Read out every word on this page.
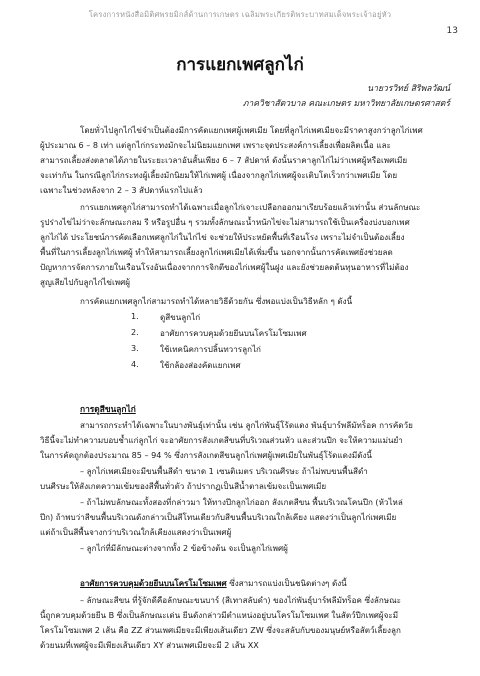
โครงการหนังสือมิติศพรยมิกส์ด้านการเกษตร เฉลิมพระเกียรติพระบาทสมเด็จพระเจ้าอยู่หัว
13
การแยกเพศลูกไก่
นายวรวิทย์ สิริพลวัฒน์
ภาควิชาสัตวบาล คณะเกษตร มหาวิทยาลัยเกษตรศาสตร์

โดยทั่วไปลูกไก่ไข่จำเป็นต้องมีการคัดแยกเพศผู้เพศเมีย โดยที่ลูกไก่เพศเมียจะมีราคาสูงกว่าลูกไก่เพศ
ผู้ประมาณ 6 – 8 เท่า แต่ลูกไก่กระทงมักจะไม่นิยมแยกเพศ เพราะจุดประสงค์การเลี้ยงเพื่อผลิตเนื้อ และ
สามารถเลี้ยงส่งตลาดได้ภายในระยะเวลาอันสั้นเพียง 6 – 7 สัปดาห์ ดังนั้นราคาลูกไก่ไม่ว่าเพศผู้หรือเพศเมีย
จะเท่ากัน ในกรณีลูกไก่กระทงผู้เลี้ยงมักนิยมให้ไก่เพศผู้ เนื่องจากลูกไก่เพศผู้จะเติบโตเร็วกว่าเพศเมีย โดย
เฉพาะในช่วงหลังจาก 2 – 3 สัปดาห์แรกไปแล้ว

การแยกเพศลูกไก่สามารถทำได้เฉพาะเมื่อลูกไก่เจาะเปลือกออกมาเรียบร้อยแล้วเท่านั้น ส่วนลักษณะ
รูปร่างไข่ไม่ว่าจะลักษณะกลม รี หรือรูปอื่น ๆ รวมทั้งลักษณะน้ำหนักไข่จะไม่สามารถใช้เป็นเครื่องบ่งบอกเพศ
ลูกไก่ได้ ประโยชน์การคัดเลือกเพศลูกไก่ในไก่ไข่ จะช่วยให้ประหยัดพื้นที่เรือนโรง เพราะไม่จำเป็นต้องเลี้ยง
พื้นที่ในการเลี้ยงลูกไก่เพศผู้ ทำให้สามารถเลี้ยงลูกไก่เพศเมียได้เพิ่มขึ้น นอกจากนั้นการคัดเพศยังช่วยลด
ปัญหาการจัดการภายในเรือนโรงอันเนื่องจากการจิกตีของไก่เพศผู้ในฝูง และยังช่วยลดต้นทุนอาหารที่ไม่ต้อง
สูญเสียไปกับลูกไก่ไข่เพศผู้

การคัดแยกเพศลูกไก่สามารถทำได้หลายวิธีด้วยกัน ซึ่งพอแบ่งเป็นวิธีหลัก ๆ ดังนี้

1.	ดูสีขนลูกไก่
2.	อาศัยการควบคุมด้วยยีนบนโครโมโซมเพศ
3.	ใช้เทคนิคการปลิ้นทวารลูกไก่
4.	ใช้กล้องส่องคัดแยกเพศ
การดูสีขนลูกไก่

สามารถกระทำได้เฉพาะในบางพันธุ์เท่านั้น เช่น ลูกไก่พันธุ์โร้ดแดง พันธุ์บาร์พลีมัทร็อค การคัดวัย
วิธีนี้จะไม่ทำความบอบช้ำแก่ลูกไก่ จะอาศัยการสังเกตสีขนที่บริเวณส่วนหัว และส่วนปีก จะให้ความแม่นยำ
ในการคัดถูกต้องประมาณ 85 – 94 % ซึ่งการสังเกตสีขนลูกไก่เพศผู้เพศเมียในพันธุ์โร้ดแดงมีดังนี้

– ลูกไก่เพศเมียจะมีขนพื้นสีดำ ขนาด 1 เซนติเมตร บริเวณศีรษะ ถ้าไม่พบขนพื้นสีดำ
บนศีรษะให้สังเกตความเข้มของสีพื้นทั่วตัว ถ้าปรากฏเป็นสีน้ำตาลเข้มจะเป็นเพศเมีย

– ถ้าไม่พบลักษณะทั้งสองที่กล่าวมา ให้ทางปีกลูกไก่ออก สังเกตสีขน พื้นบริเวณโคนปีก (หัวไหล่
ปีก) ถ้าพบว่าสีขนพื้นบริเวณดังกล่าวเป็นสีโทนเดียวกับสีขนพื้นบริเวณใกล้เคียง แสดงว่าเป็นลูกไก่เพศเมีย
แต่ถ้าเป็นสีพื้นจางกว่าบริเวณใกล้เคียงแสดงว่าเป็นเพศผู้

– ลูกไก่ที่มีลักษณะต่างจากทั้ง 2 ข้อข้างต้น จะเป็นลูกไก่เพศผู้

อาศัยการควบคุมด้วยยีนบนโครโมโซมเพศ ซึ่งสามารถแบ่งเป็นชนิดต่างๆ ดังนี้

– ลักษณะสีขน ที่รู้จักดีคือลักษณะขนบาร์ (สีเทาสลับดำ) ของไก่พันธุ์บาร์พลีมัทร็อค ซึ่งลักษณะ
นี้ถูกควบคุมด้วยยีน B ซึ่งเป็นลักษณะเด่น ยีนดังกล่าวมีตำแหน่งอยู่บนโครโมโซมเพศ ในสัตว์ปีกเพศผู้จะมี
โครโมโซมเพศ 2 เส้น คือ ZZ ส่วนเพศเมียจะมีเพียงเส้นเดียว ZW ซึ่งจะสลับกับของมนุษย์หรือสัตว์เลี้ยงลูก
ด้วยนมที่เพศผู้จะมีเพียงเส้นเดียว XY ส่วนเพศเมียจะมี 2 เส้น XX
